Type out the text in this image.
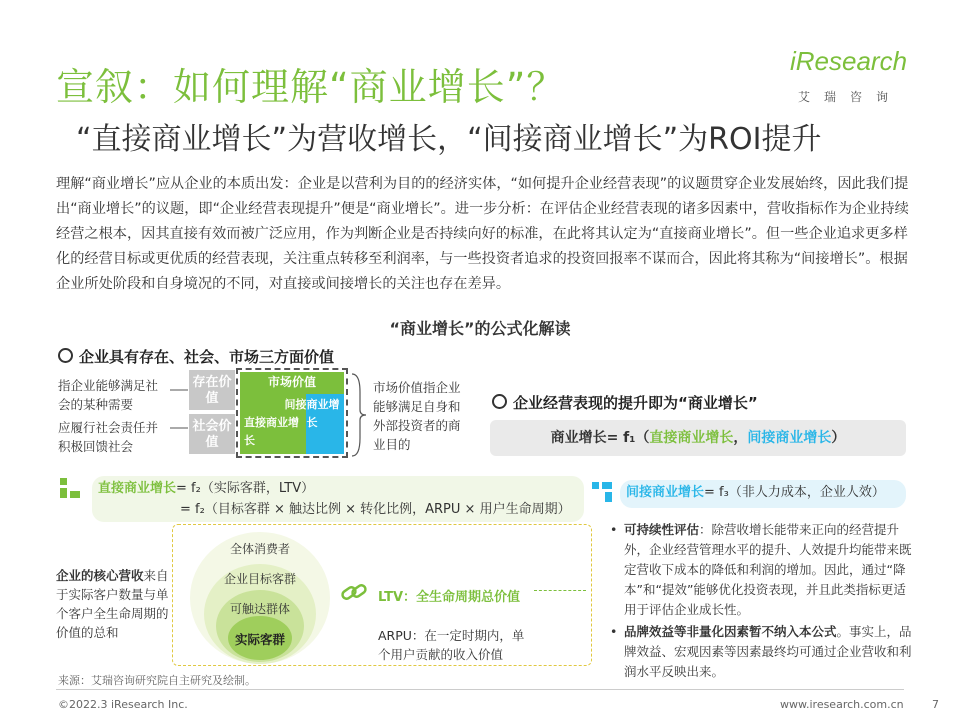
宣叙：如何理解“商业增长”？
“直接商业增长”为营收增长，“间接商业增长”为ROI提升
iResearch
艾瑞咨询
理解“商业增长”应从企业的本质出发：企业是以营利为目的的经济实体，“如何提升企业经营表现”的议题贯穿企业发展始终，因此我们提出“商业增长”的议题，即“企业经营表现提升”便是“商业增长”。进一步分析：在评估企业经营表现的诸多因素中，营收指标作为企业持续经营之根本，因其直接有效而被广泛应用，作为判断企业是否持续向好的标准，在此将其认定为“直接商业增长”。但一些企业追求更多样化的经营目标或更优质的经营表现，关注重点转移至利润率，与一些投资者追求的投资回报率不谋而合，因此将其称为“间接增长”。根据企业所处阶段和自身境况的不同，对直接或间接增长的关注也存在差异。
“商业增长”的公式化解读
企业具有存在、社会、市场三方面价值
指企业能够满足社会的某种需要
应履行社会责任并积极回馈社会
存在价值
社会价值
市场价值
间接商业增长
直接商业增长
市场价值指企业能够满足自身和外部投资者的商业目的
企业经营表现的提升即为“商业增长”
商业增长= f₁（直接商业增长，间接商业增长）
直接商业增长= f₂（实际客群，LTV）
= f₂（目标客群 × 触达比例 × 转化比例，ARPU × 用户生命周期）
间接商业增长= f₃（非人力成本，企业人效）
企业的核心营收来自于实际客户数量与单个客户全生命周期的价值的总和
全体消费者
企业目标客群
可触达群体
实际客群
LTV：全生命周期总价值
ARPU：在一定时期内，单个用户贡献的收入价值
• 可持续性评估：除营收增长能带来正向的经营提升外，企业经营管理水平的提升、人效提升均能带来既定营收下成本的降低和利润的增加。因此，通过“降本”和“提效”能够优化投资表现，并且此类指标更适用于评估企业成长性。
• 品牌效益等非量化因素暂不纳入本公式。事实上，品牌效益、宏观因素等因素最终均可通过企业营收和利润水平反映出来。
来源：艾瑞咨询研究院自主研究及绘制。
©2022.3 iResearch Inc.	www.iresearch.com.cn	7
